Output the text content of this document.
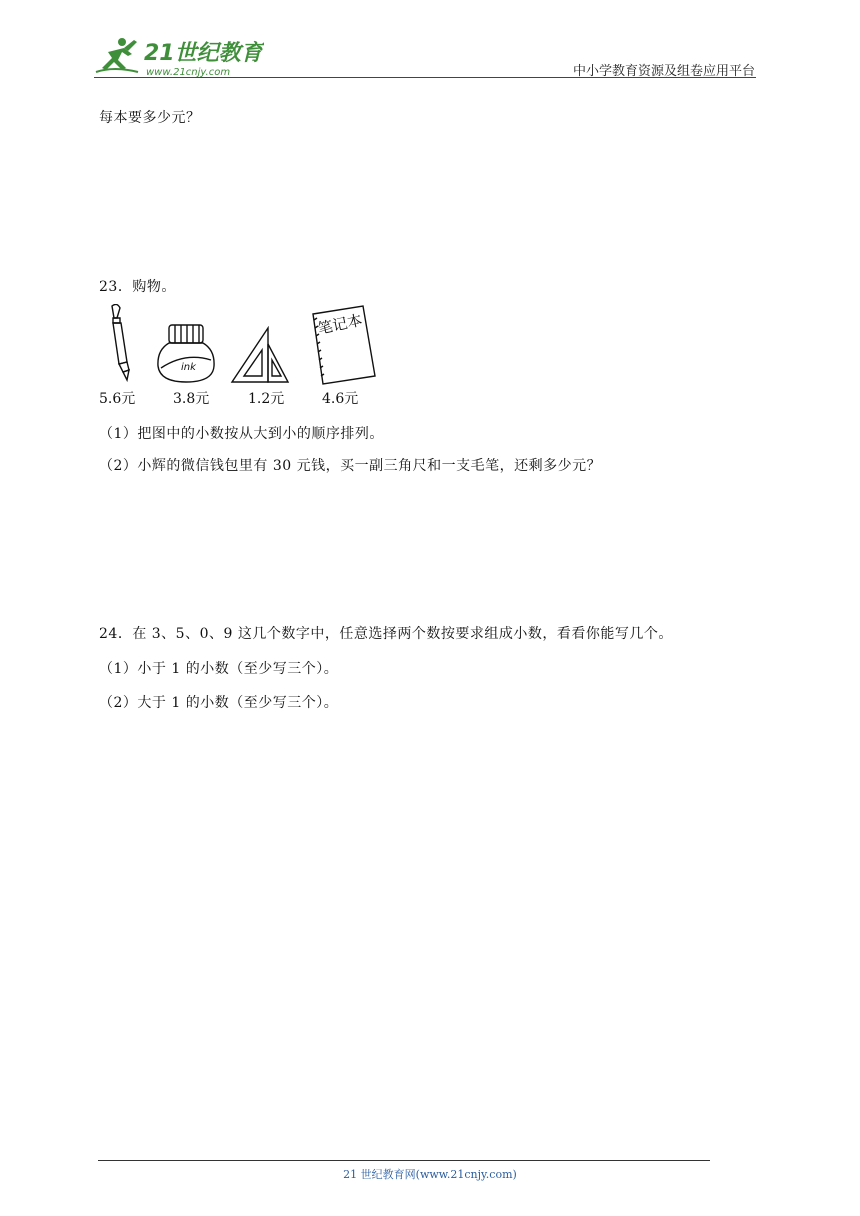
21世纪教育
www.21cnjy.com	中小学教育资源及组卷应用平台
每本要多少元？
23．购物。
ink
笔记本
5.6元	3.8元	1.2元	4.6元
（1）把图中的小数按从大到小的顺序排列。
（2）小辉的微信钱包里有 30 元钱，买一副三角尺和一支毛笔，还剩多少元？
24．在 3、5、0、9 这几个数字中，任意选择两个数按要求组成小数，看看你能写几个。
（1）小于 1 的小数（至少写三个）。
（2）大于 1 的小数（至少写三个）。
21 世纪教育网(www.21cnjy.com)
